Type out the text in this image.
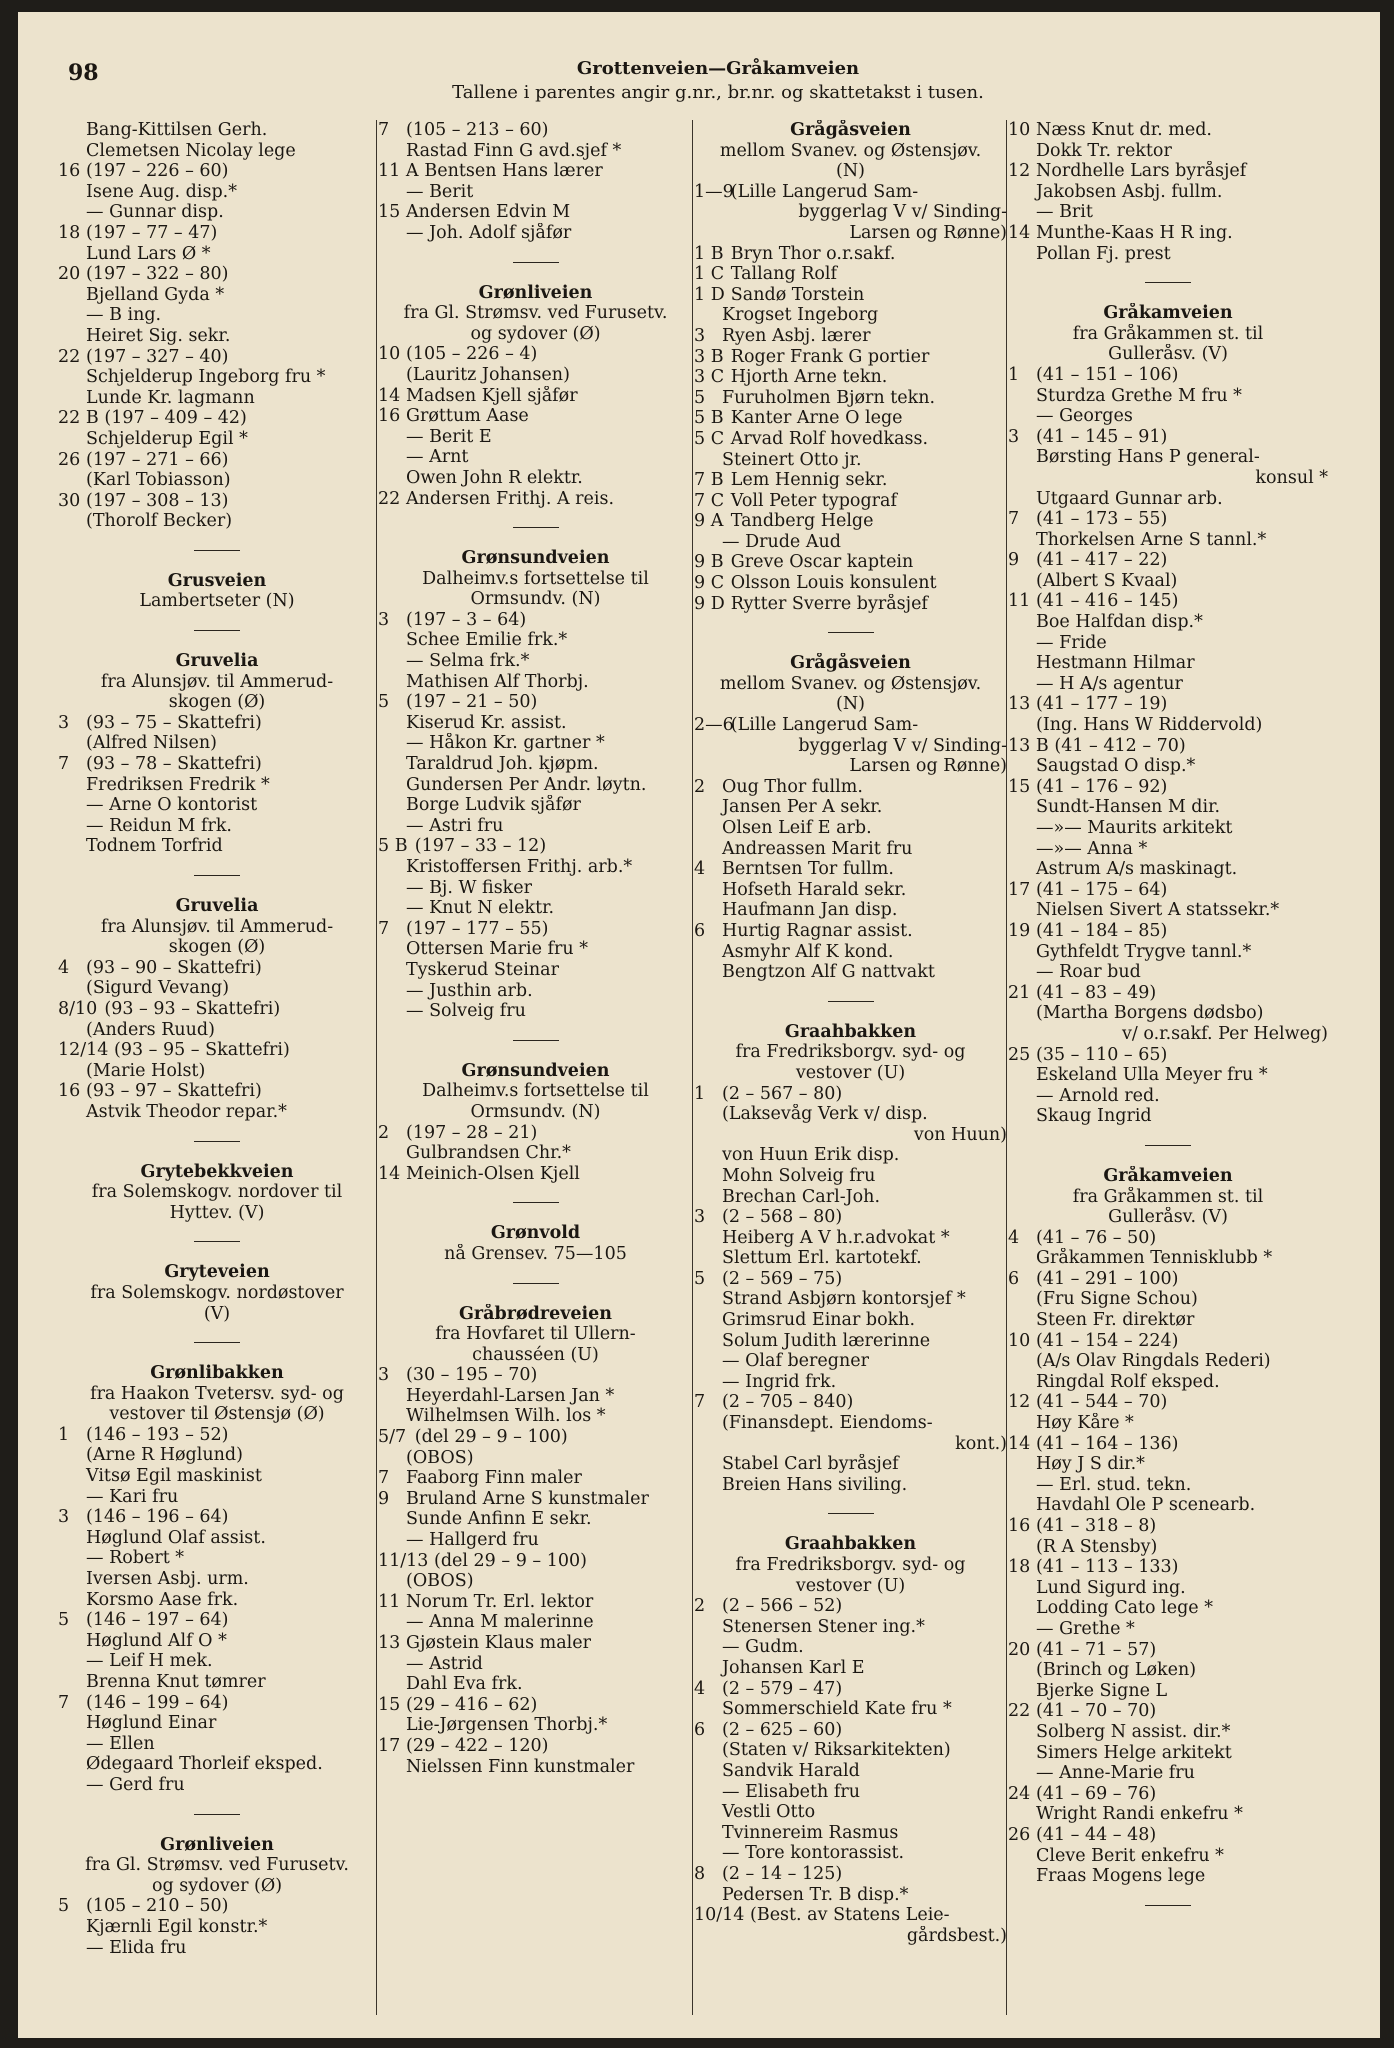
98	Grottenveien—Gråkamveien
Tallene i parentes angir g.nr., br.nr. og skattetakst i tusen.
Bang-Kittilsen Gerh.
Clemetsen Nicolay lege
16 (197 – 226 – 60)
Isene Aug. disp.*
— Gunnar disp.
18 (197 – 77 – 47)
Lund Lars Ø *
20 (197 – 322 – 80)
Bjelland Gyda *
— B ing.
Heiret Sig. sekr.
22 (197 – 327 – 40)
Schjelderup Ingeborg fru *
Lunde Kr. lagmann
22 B (197 – 409 – 42)
Schjelderup Egil *
26 (197 – 271 – 66)
(Karl Tobiasson)
30 (197 – 308 – 13)
(Thorolf Becker)
Grusveien
Lambertseter (N)
Gruvelia
fra Alunsjøv. til Ammerud-
skogen (Ø)
3 (93 – 75 – Skattefri)
(Alfred Nilsen)
7 (93 – 78 – Skattefri)
Fredriksen Fredrik *
— Arne O kontorist
— Reidun M frk.
Todnem Torfrid
Gruvelia
fra Alunsjøv. til Ammerud-
skogen (Ø)
4 (93 – 90 – Skattefri)
(Sigurd Vevang)
8/10 (93 – 93 – Skattefri)
(Anders Ruud)
12/14 (93 – 95 – Skattefri)
(Marie Holst)
16 (93 – 97 – Skattefri)
Astvik Theodor repar.*
Grytebekkveien
fra Solemskogv. nordover til
Hyttev. (V)
Gryteveien
fra Solemskogv. nordøstover
(V)
Grønlibakken
fra Haakon Tvetersv. syd- og
vestover til Østensjø (Ø)
1 (146 – 193 – 52)
(Arne R Høglund)
Vitsø Egil maskinist
— Kari fru
3 (146 – 196 – 64)
Høglund Olaf assist.
— Robert *
Iversen Asbj. urm.
Korsmo Aase frk.
5 (146 – 197 – 64)
Høglund Alf O *
— Leif H mek.
Brenna Knut tømrer
7 (146 – 199 – 64)
Høglund Einar
— Ellen
Ødegaard Thorleif eksped.
— Gerd fru
Grønliveien
fra Gl. Strømsv. ved Furusetv.
og sydover (Ø)
5 (105 – 210 – 50)
Kjærnli Egil konstr.*
— Elida fru
7 (105 – 213 – 60)
Rastad Finn G avd.sjef *
11 A Bentsen Hans lærer
— Berit
15 Andersen Edvin M
— Joh. Adolf sjåfør
Grønliveien
fra Gl. Strømsv. ved Furusetv.
og sydover (Ø)
10 (105 – 226 – 4)
(Lauritz Johansen)
14 Madsen Kjell sjåfør
16 Grøttum Aase
— Berit E
— Arnt
Owen John R elektr.
22 Andersen Frithj. A reis.
Grønsundveien
Dalheimv.s fortsettelse til
Ormsundv. (N)
3 (197 – 3 – 64)
Schee Emilie frk.*
— Selma frk.*
Mathisen Alf Thorbj.
5 (197 – 21 – 50)
Kiserud Kr. assist.
— Håkon Kr. gartner *
Taraldrud Joh. kjøpm.
Gundersen Per Andr. løytn.
Borge Ludvik sjåfør
— Astri fru
5 B (197 – 33 – 12)
Kristoffersen Frithj. arb.*
— Bj. W fisker
— Knut N elektr.
7 (197 – 177 – 55)
Ottersen Marie fru *
Tyskerud Steinar
— Justhin arb.
— Solveig fru
Grønsundveien
Dalheimv.s fortsettelse til
Ormsundv. (N)
2 (197 – 28 – 21)
Gulbrandsen Chr.*
14 Meinich-Olsen Kjell
Grønvold
nå Grensev. 75—105
Gråbrødreveien
fra Hovfaret til Ullern-
chausséen (U)
3 (30 – 195 – 70)
Heyerdahl-Larsen Jan *
Wilhelmsen Wilh. los *
5/7 (del 29 – 9 – 100)
(OBOS)
7 Faaborg Finn maler
9 Bruland Arne S kunstmaler
Sunde Anfinn E sekr.
— Hallgerd fru
11/13 (del 29 – 9 – 100)
(OBOS)
11 Norum Tr. Erl. lektor
— Anna M malerinne
13 Gjøstein Klaus maler
— Astrid
Dahl Eva frk.
15 (29 – 416 – 62)
Lie-Jørgensen Thorbj.*
17 (29 – 422 – 120)
Nielssen Finn kunstmaler
Grågåsveien
mellom Svanev. og Østensjøv.
(N)
1—9(Lille Langerud Sam-
byggerlag V v/ Sinding-
Larsen og Rønne)
1 B Bryn Thor o.r.sakf.
1 C Tallang Rolf
1 D Sandø Torstein
Krogset Ingeborg
3 Ryen Asbj. lærer
3 B Roger Frank G portier
3 C Hjorth Arne tekn.
5 Furuholmen Bjørn tekn.
5 B Kanter Arne O lege
5 C Arvad Rolf hovedkass.
Steinert Otto jr.
7 B Lem Hennig sekr.
7 C Voll Peter typograf
9 A Tandberg Helge
— Drude Aud
9 B Greve Oscar kaptein
9 C Olsson Louis konsulent
9 D Rytter Sverre byråsjef
Grågåsveien
mellom Svanev. og Østensjøv.
(N)
2—6(Lille Langerud Sam-
byggerlag V v/ Sinding-
Larsen og Rønne)
2 Oug Thor fullm.
Jansen Per A sekr.
Olsen Leif E arb.
Andreassen Marit fru
4 Berntsen Tor fullm.
Hofseth Harald sekr.
Haufmann Jan disp.
6 Hurtig Ragnar assist.
Asmyhr Alf K kond.
Bengtzon Alf G nattvakt
Graahbakken
fra Fredriksborgv. syd- og
vestover (U)
1 (2 – 567 – 80)
(Laksevåg Verk v/ disp.
von Huun)
von Huun Erik disp.
Mohn Solveig fru
Brechan Carl-Joh.
3 (2 – 568 – 80)
Heiberg A V h.r.advokat *
Slettum Erl. kartotekf.
5 (2 – 569 – 75)
Strand Asbjørn kontorsjef *
Grimsrud Einar bokh.
Solum Judith lærerinne
— Olaf beregner
— Ingrid frk.
7 (2 – 705 – 840)
(Finansdept. Eiendoms-
kont.)
Stabel Carl byråsjef
Breien Hans siviling.
Graahbakken
fra Fredriksborgv. syd- og
vestover (U)
2 (2 – 566 – 52)
Stenersen Stener ing.*
— Gudm.
Johansen Karl E
4 (2 – 579 – 47)
Sommerschield Kate fru *
6 (2 – 625 – 60)
(Staten v/ Riksarkitekten)
Sandvik Harald
— Elisabeth fru
Vestli Otto
Tvinnereim Rasmus
— Tore kontorassist.
8 (2 – 14 – 125)
Pedersen Tr. B disp.*
10/14 (Best. av Statens Leie-
gårdsbest.)
10 Næss Knut dr. med.
Dokk Tr. rektor
12 Nordhelle Lars byråsjef
Jakobsen Asbj. fullm.
— Brit
14 Munthe-Kaas H R ing.
Pollan Fj. prest
Gråkamveien
fra Gråkammen st. til
Gulleråsv. (V)
1 (41 – 151 – 106)
Sturdza Grethe M fru *
— Georges
3 (41 – 145 – 91)
Børsting Hans P general-
konsul *
Utgaard Gunnar arb.
7 (41 – 173 – 55)
Thorkelsen Arne S tannl.*
9 (41 – 417 – 22)
(Albert S Kvaal)
11 (41 – 416 – 145)
Boe Halfdan disp.*
— Fride
Hestmann Hilmar
— H A/s agentur
13 (41 – 177 – 19)
(Ing. Hans W Riddervold)
13 B (41 – 412 – 70)
Saugstad O disp.*
15 (41 – 176 – 92)
Sundt-Hansen M dir.
—»— Maurits arkitekt
—»— Anna *
Astrum A/s maskinagt.
17 (41 – 175 – 64)
Nielsen Sivert A statssekr.*
19 (41 – 184 – 85)
Gythfeldt Trygve tannl.*
— Roar bud
21 (41 – 83 – 49)
(Martha Borgens dødsbo)
v/ o.r.sakf. Per Helweg)
25 (35 – 110 – 65)
Eskeland Ulla Meyer fru *
— Arnold red.
Skaug Ingrid
Gråkamveien
fra Gråkammen st. til
Gulleråsv. (V)
4 (41 – 76 – 50)
Gråkammen Tennisklubb *
6 (41 – 291 – 100)
(Fru Signe Schou)
Steen Fr. direktør
10 (41 – 154 – 224)
(A/s Olav Ringdals Rederi)
Ringdal Rolf eksped.
12 (41 – 544 – 70)
Høy Kåre *
14 (41 – 164 – 136)
Høy J S dir.*
— Erl. stud. tekn.
Havdahl Ole P scenearb.
16 (41 – 318 – 8)
(R A Stensby)
18 (41 – 113 – 133)
Lund Sigurd ing.
Lodding Cato lege *
— Grethe *
20 (41 – 71 – 57)
(Brinch og Løken)
Bjerke Signe L
22 (41 – 70 – 70)
Solberg N assist. dir.*
Simers Helge arkitekt
— Anne-Marie fru
24 (41 – 69 – 76)
Wright Randi enkefru *
26 (41 – 44 – 48)
Cleve Berit enkefru *
Fraas Mogens lege
